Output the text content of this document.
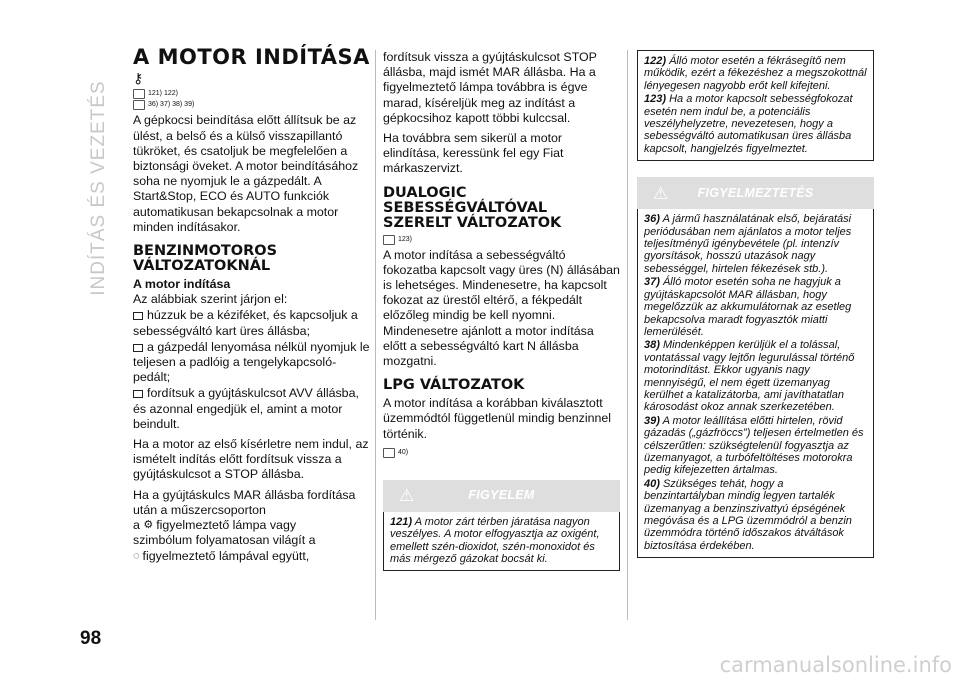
INDÍTÁS ÉS VEZETÉS
98
carmanualsonline.info
A MOTOR INDÍTÁSA
⚷
121) 122)
36) 37) 38) 39)

A gépkocsi beindítása előtt állítsuk be az ülést, a belső és a külső visszapillantó tükröket, és csatoljuk be megfelelően a biztonsági öveket. A motor beindításához soha ne nyomjuk le a gázpedált. A Start&Stop, ECO és AUTO funkciók automatikusan bekapcsolnak a motor minden indításakor.

BENZINMOTOROS VÁLTOZATOKNÁL
A motor indítása

Az alábbiak szerint járjon el:

húzzuk be a kéziféket, és kapcsoljuk a sebességváltó kart üres állásba;

a gázpedál lenyomása nélkül nyomjuk le teljesen a padlóig a tengelykapcsoló-pedált;

fordítsuk a gyújtáskulcsot AVV állásba, és azonnal engedjük el, amint a motor beindult.

Ha a motor az első kísérletre nem indul, az ismételt indítás előtt fordítsuk vissza a gyújtáskulcsot a STOP állásba.

Ha a gyújtáskulcs MAR állásba fordítása után a műszercsoporton
a ⚙ figyelmeztető lámpa vagy
szimbólum folyamatosan világít a
◌ figyelmeztető lámpával együtt,

fordítsuk vissza a gyújtáskulcsot STOP állásba, majd ismét MAR állásba. Ha a figyelmeztető lámpa továbbra is égve marad, kíséreljük meg az indítást a gépkocsihoz kapott többi kulccsal.

Ha továbbra sem sikerül a motor elindítása, keressünk fel egy Fiat márkaszervizt.

DUALOGIC SEBESSÉGVÁLTÓVAL SZERELT VÁLTOZATOK
123)

A motor indítása a sebességváltó fokozatba kapcsolt vagy üres (N) állásában is lehetséges. Mindenesetre, ha kapcsolt fokozat az ürestől eltérő, a fékpedált előzőleg mindig be kell nyomni. Mindenesetre ajánlott a motor indítása előtt a sebességváltó kart N állásba mozgatni.

LPG VÁLTOZATOK

A motor indítása a korábban kiválasztott üzemmódtól függetlenül mindig benzinnel történik.

40)
⚠	FIGYELEM

121) A motor zárt térben járatása nagyon veszélyes. A motor elfogyasztja az oxigént, emellett szén-dioxidot, szén-monoxidot és más mérgező gázokat bocsát ki.

122) Álló motor esetén a fékrásegítő nem működik, ezért a fékezéshez a megszokottnál lényegesen nagyobb erőt kell kifejteni.

123) Ha a motor kapcsolt sebességfokozat esetén nem indul be, a potenciális veszélyhelyzetre, nevezetesen, hogy a sebességváltó automatikusan üres állásba kapcsolt, hangjelzés figyelmeztet.

⚠	FIGYELMEZTETÉS

36) A jármű használatának első, bejáratási periódusában nem ajánlatos a motor teljes teljesítményű igénybevétele (pl. intenzív gyorsítások, hosszú utazások nagy sebességgel, hirtelen fékezések stb.).

37) Álló motor esetén soha ne hagyjuk a gyújtáskapcsolót MAR állásban, hogy megelőzzük az akkumulátornak az esetleg bekapcsolva maradt fogyasztók miatti lemerülését.

38) Mindenképpen kerüljük el a tolással, vontatással vagy lejtőn legurulással történő motorindítást. Ekkor ugyanis nagy mennyiségű, el nem égett üzemanyag kerülhet a katalizátorba, ami javíthatatlan károsodást okoz annak szerkezetében.

39) A motor leállítása előtti hirtelen, rövid gázadás („gázfröccs”) teljesen értelmetlen és célszerűtlen: szükségtelenül fogyasztja az üzemanyagot, a turbófeltöltéses motorokra pedig kifejezetten ártalmas.

40) Szükséges tehát, hogy a benzintartályban mindig legyen tartalék üzemanyag a benzinszivattyú épségének megóvása és a LPG üzemmódról a benzin üzemmódra történő időszakos átváltások biztosítása érdekében.
